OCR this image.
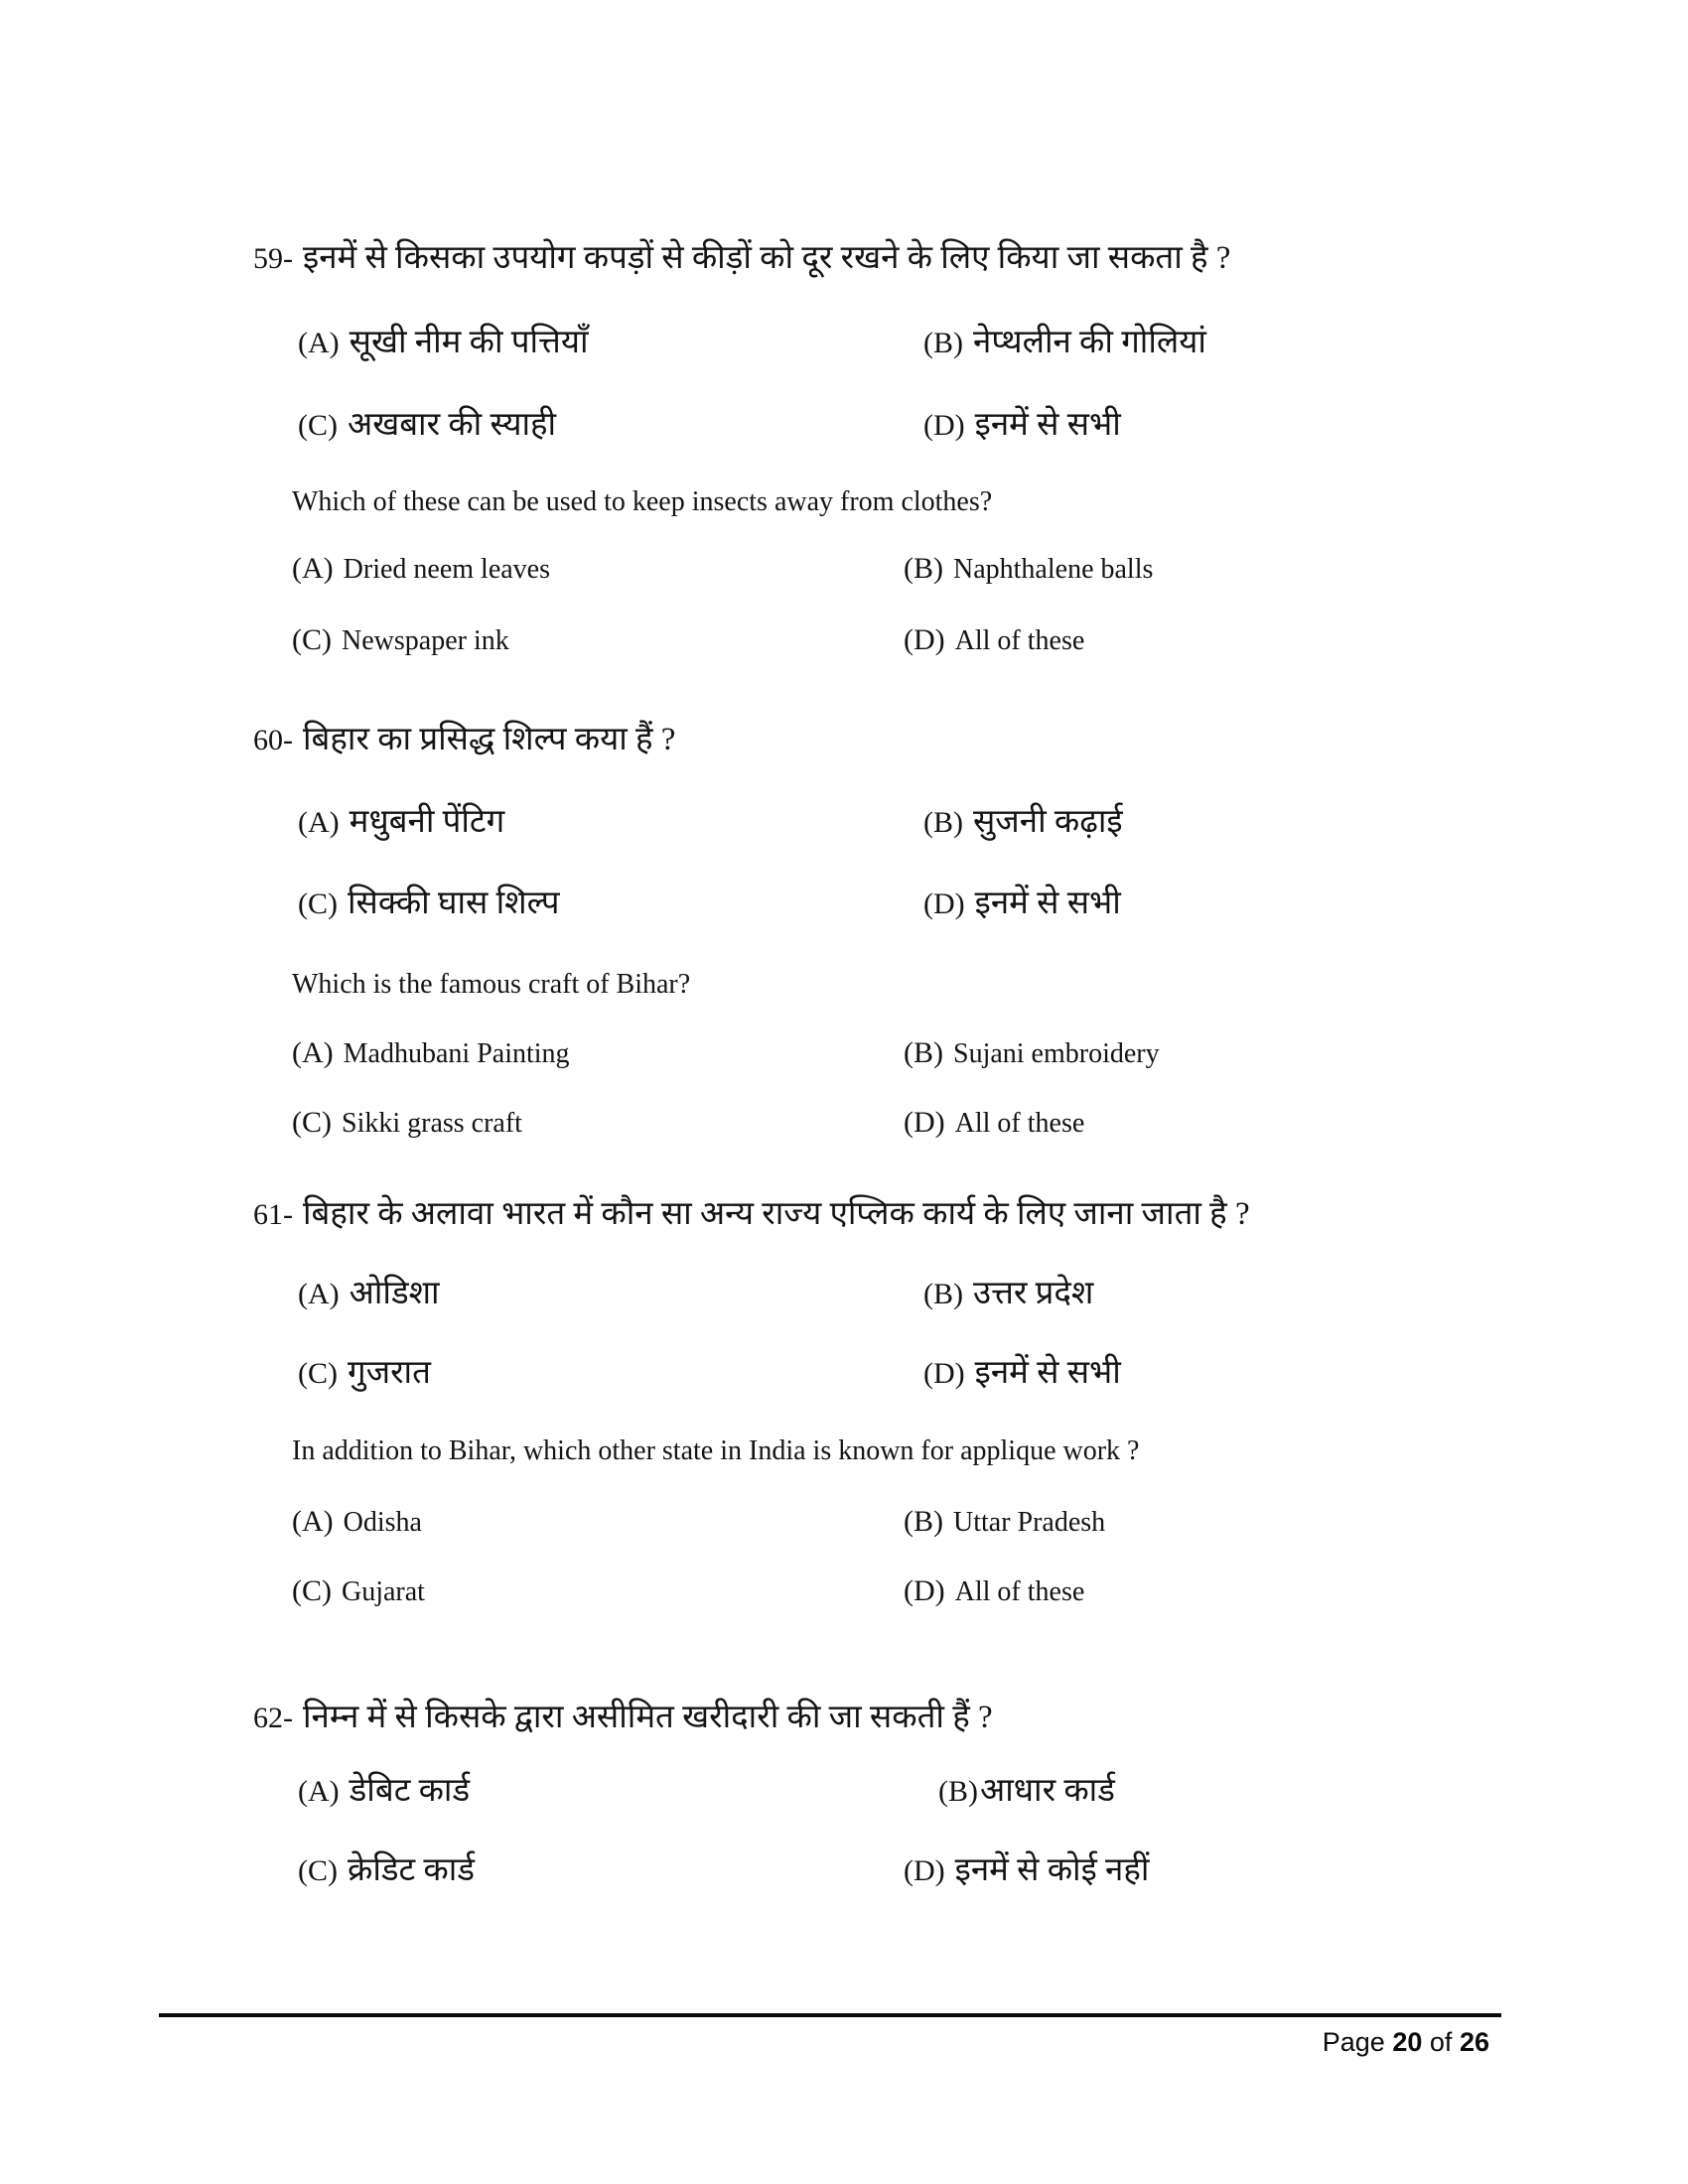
59- इनमें से किसका उपयोग कपड़ों से कीड़ों को दूर रखने के लिए किया जा सकता है ?
(A) सूखी नीम की पत्तियाँ	(B) नेप्थलीन की गोलियां
(C) अखबार की स्याही	(D) इनमें से सभी
Which of these can be used to keep insects away from clothes?
(A) Dried neem leaves	(B) Naphthalene balls
(C) Newspaper ink	(D) All of these
60- बिहार का प्रसिद्ध शिल्प कया हैं ?
(A) मधुबनी पेंटिग	(B) सुजनी कढ़ाई
(C) सिक्की घास शिल्प	(D) इनमें से सभी
Which is the famous craft of Bihar?
(A) Madhubani Painting	(B) Sujani embroidery
(C) Sikki grass craft	(D) All of these
61- बिहार के अलावा भारत में कौन सा अन्य राज्य एप्लिक कार्य के लिए जाना जाता है ?
(A) ओडिशा	(B) उत्तर प्रदेश
(C) गुजरात	(D) इनमें से सभी
In addition to Bihar, which other state in India is known for applique work ?
(A) Odisha	(B) Uttar Pradesh
(C) Gujarat	(D) All of these
62- निम्न में से किसके द्वारा असीमित खरीदारी की जा सकती हैं ?
(A) डेबिट कार्ड	(B)आधार कार्ड
(C) क्रेडिट कार्ड	(D) इनमें से कोई नहीं
Page 20 of 26
